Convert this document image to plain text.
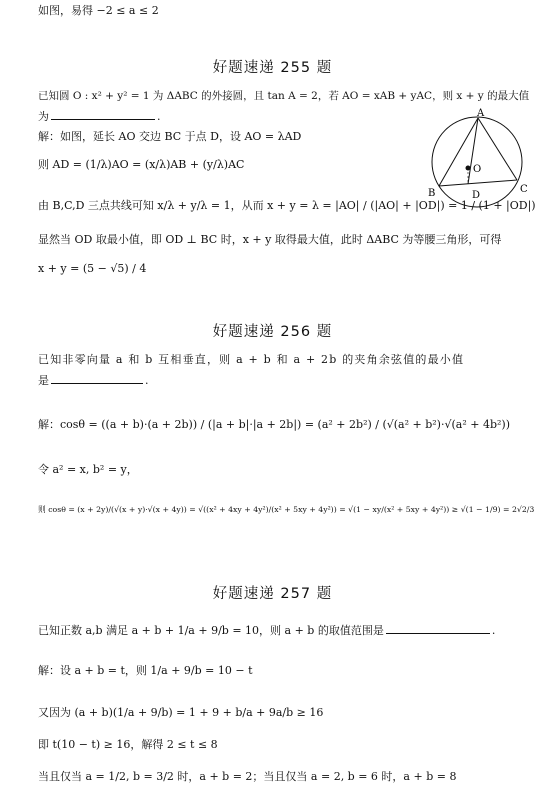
如图，易得 −2 ≤ a ≤ 2
好题速递 255 题
已知圆 O : x² + y² = 1 为 ΔABC 的外接圆，且 tan A = 2，若 AO = xAB + yAC，则 x + y 的最大值
为	.
解：如图，延长 AO 交边 BC 于点 D，设 AO = λAD
则 AD = (1/λ)AO = (x/λ)AB + (y/λ)AC
由 B,C,D 三点共线可知 x/λ + y/λ = 1，从而 x + y = λ = |AO| / (|AO| + |OD|) = 1 / (1 + |OD|)
显然当 OD 取最小值，即 OD ⊥ BC 时，x + y 取得最大值，此时 ΔABC 为等腰三角形，可得
x + y = (5 − √5) / 4
A
B	C
D
O
好题速递 256 题
已知非零向量 a 和 b 互相垂直，则 a + b 和 a + 2b 的夹角余弦值的最小值
是	.
解：cosθ = ((a + b)·(a + 2b)) / (|a + b|·|a + 2b|) = (a² + 2b²) / (√(a² + b²)·√(a² + 4b²))
令 a² = x, b² = y，
则 cosθ = (x + 2y)/(√(x + y)·√(x + 4y)) = √((x² + 4xy + 4y²)/(x² + 5xy + 4y²)) = √(1 − xy/(x² + 5xy + 4y²)) ≥ √(1 − 1/9) = 2√2/3
好题速递 257 题
已知正数 a,b 满足 a + b + 1/a + 9/b = 10，则 a + b 的取值范围是	.
解：设 a + b = t，则 1/a + 9/b = 10 − t
又因为 (a + b)(1/a + 9/b) = 1 + 9 + b/a + 9a/b ≥ 16
即 t(10 − t) ≥ 16，解得 2 ≤ t ≤ 8
当且仅当 a = 1/2, b = 3/2 时，a + b = 2；当且仅当 a = 2, b = 6 时，a + b = 8
